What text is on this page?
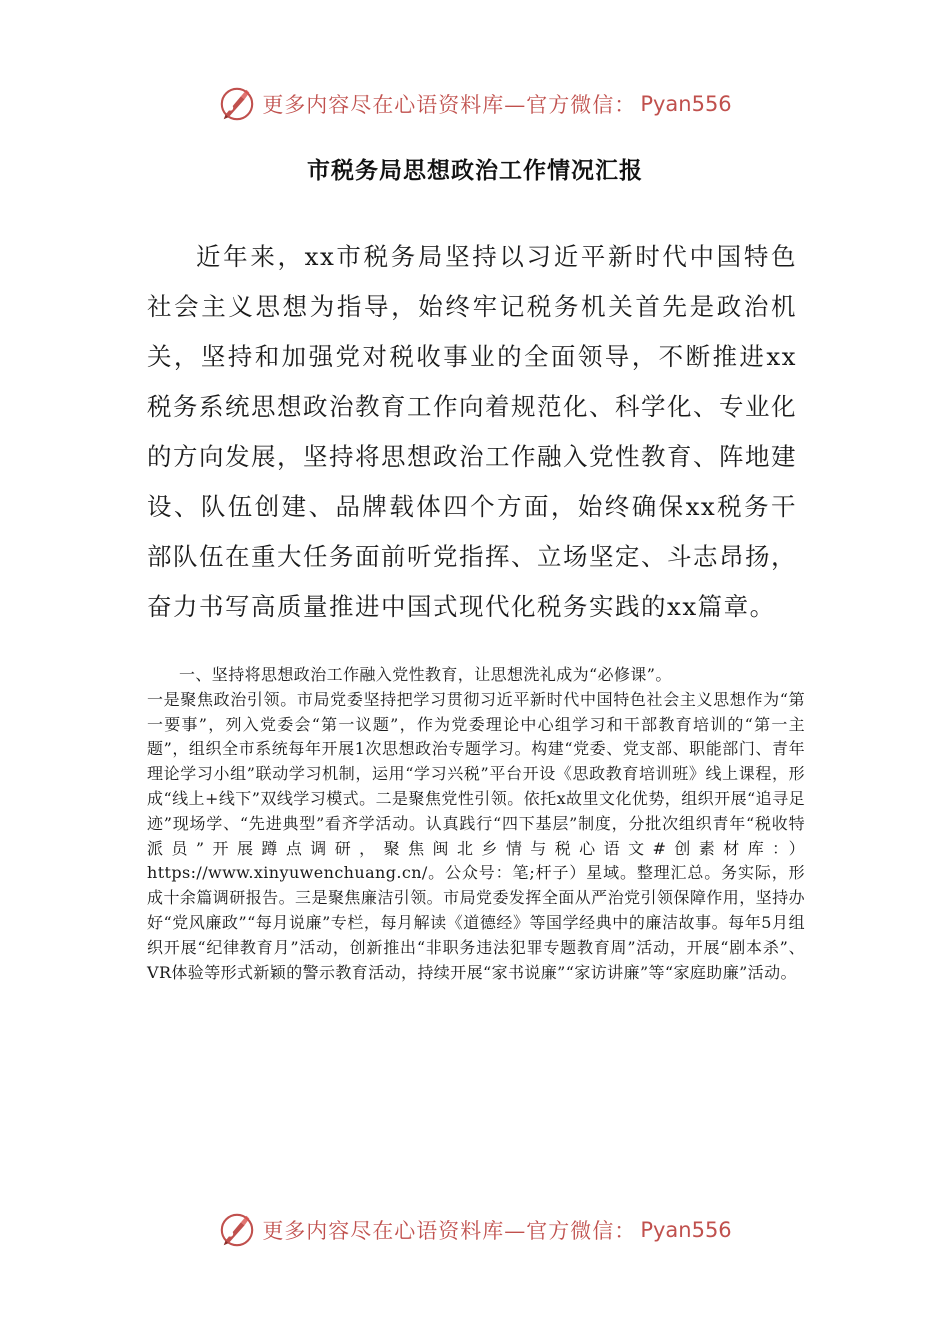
更多内容尽在心语资料库—官方微信： Pyan556
市税务局思想政治工作情况汇报

近年来，xx市税务局坚持以习近平新时代中国特色社会主义思想为指导，始终牢记税务机关首先是政治机关，坚持和加强党对税收事业的全面领导，不断推进xx税务系统思想政治教育工作向着规范化、科学化、专业化的方向发展，坚持将思想政治工作融入党性教育、阵地建设、队伍创建、品牌载体四个方面，始终确保xx税务干部队伍在重大任务面前听党指挥、立场坚定、斗志昂扬，奋力书写高质量推进中国式现代化税务实践的xx篇章。

一、坚持将思想政治工作融入党性教育，让思想洗礼成为“必修课”。
一是聚焦政治引领。市局党委坚持把学习贯彻习近平新时代中国特色社会主义思想作为“第一要事”，列入党委会“第一议题”，作为党委理论中心组学习和干部教育培训的“第一主题”，组织全市系统每年开展1次思想政治专题学习。构建“党委、党支部、职能部门、青年理论学习小组”联动学习机制，运用“学习兴税”平台开设《思政教育培训班》线上课程，形成“线上+线下”双线学习模式。二是聚焦党性引领。依托x故里文化优势，组织开展“追寻足迹”现场学、“先进典型”看齐学活动。认真践行“四下基层”制度，分批次组织青年“税收特派员”开展蹲点调研，聚焦闽北乡情与税心语文#创素材库：）https://www.xinyuwenchuang.cn/。公众号：笔;杆子）星域。整理汇总。务实际，形成十余篇调研报告。三是聚焦廉洁引领。市局党委发挥全面从严治党引领保障作用，坚持办好“党风廉政”“每月说廉”专栏，每月解读《道德经》等国学经典中的廉洁故事。每年5月组织开展“纪律教育月”活动，创新推出“非职务违法犯罪专题教育周”活动，开展“剧本杀”、VR体验等形式新颖的警示教育活动，持续开展“家书说廉”“家访讲廉”等“家庭助廉”活动。
更多内容尽在心语资料库—官方微信： Pyan556
